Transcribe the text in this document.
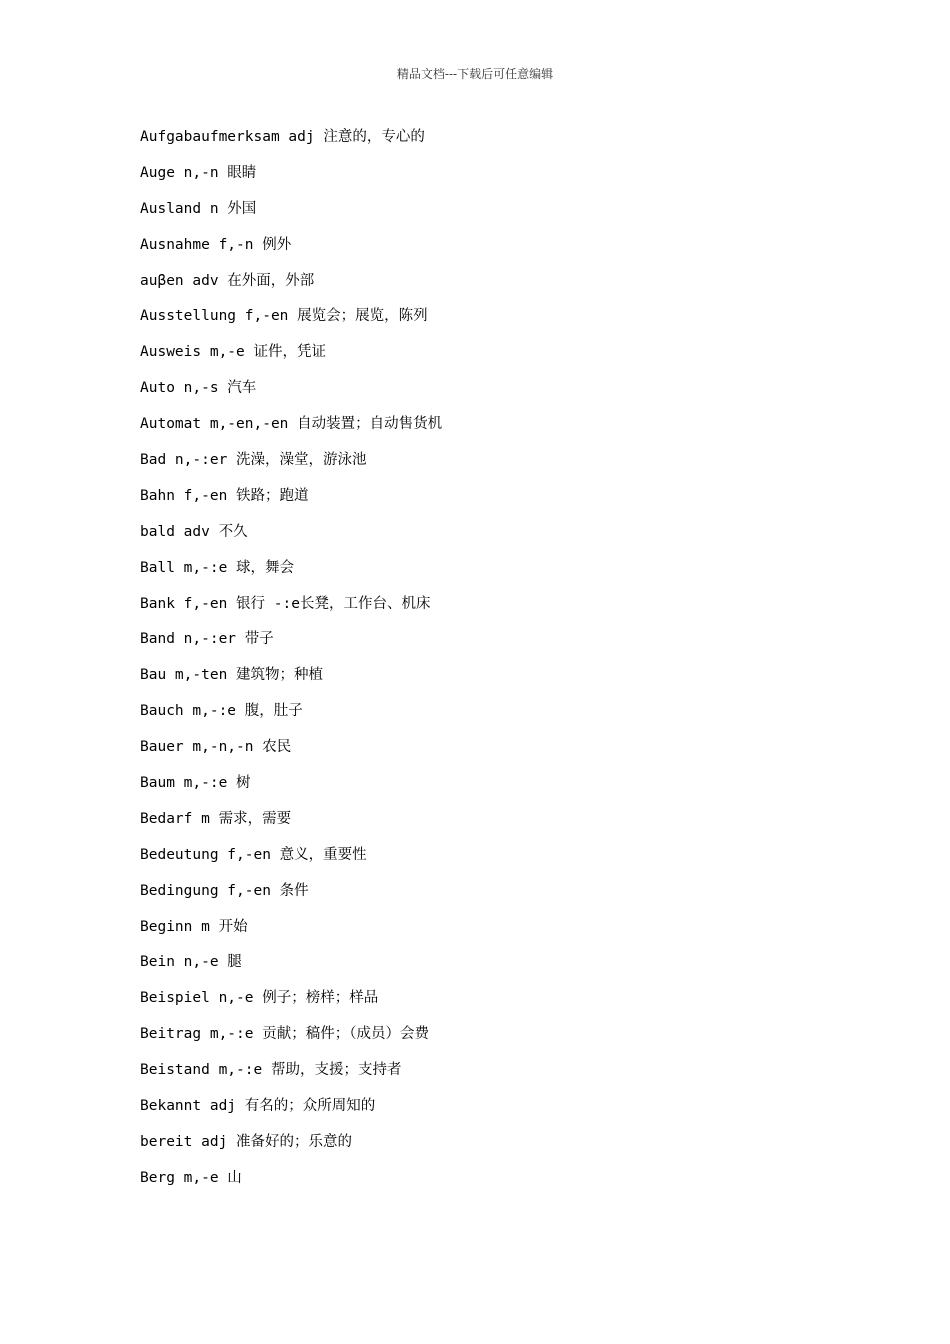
精品文档---下载后可任意编辑
Aufgabaufmerksam adj 注意的，专心的
Auge n,-n 眼睛
Ausland n 外国
Ausnahme f,-n 例外
auβen adv 在外面，外部
Ausstellung f,-en 展览会；展览，陈列
Ausweis m,-e 证件，凭证
Auto n,-s 汽车
Automat m,-en,-en 自动装置；自动售货机
Bad n,-:er 洗澡，澡堂，游泳池
Bahn f,-en 铁路；跑道
bald adv 不久
Ball m,-:e 球，舞会
Bank f,-en 银行 -:e长凳，工作台、机床
Band n,-:er 带子
Bau m,-ten 建筑物；种植
Bauch m,-:e 腹，肚子
Bauer m,-n,-n 农民
Baum m,-:e 树
Bedarf m 需求，需要
Bedeutung f,-en 意义，重要性
Bedingung f,-en 条件
Beginn m 开始
Bein n,-e 腿
Beispiel n,-e 例子；榜样；样品
Beitrag m,-:e 贡献；稿件；（成员）会费
Beistand m,-:e 帮助，支援；支持者
Bekannt adj 有名的；众所周知的
bereit adj 准备好的；乐意的
Berg m,-e 山
